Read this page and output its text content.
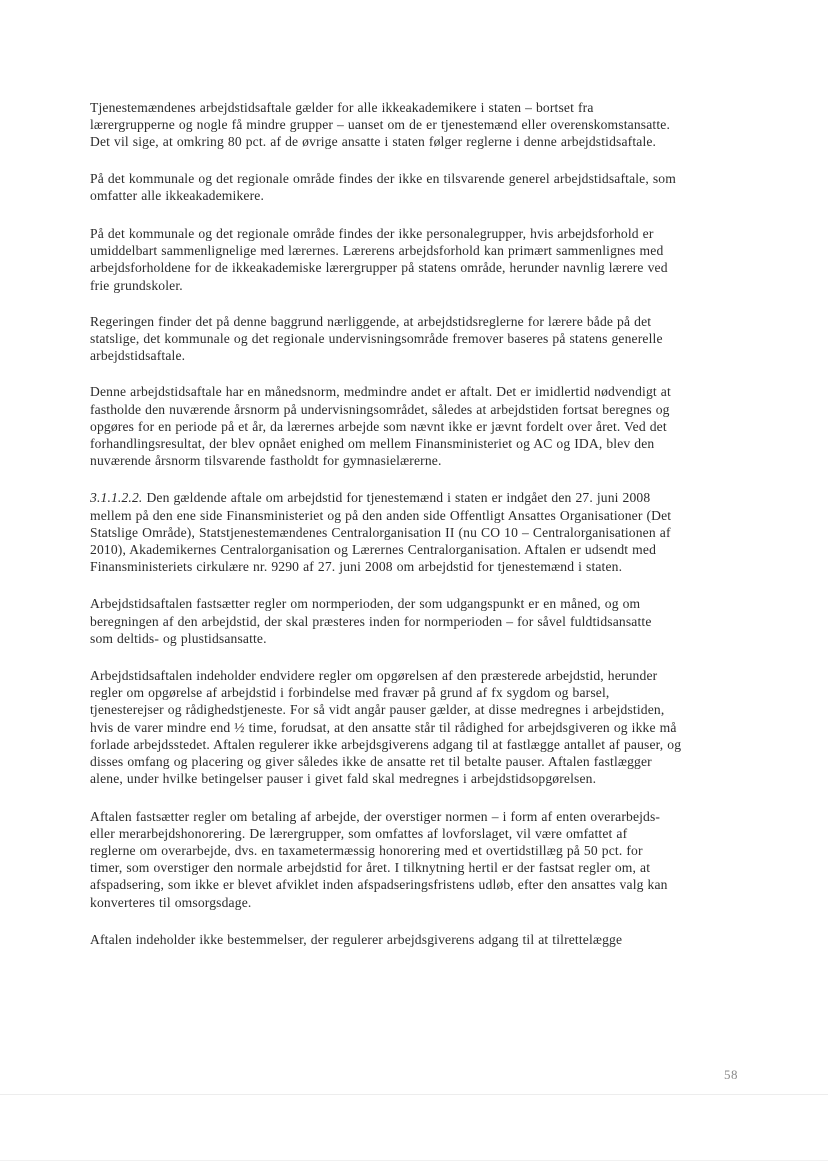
Tjenestemændenes arbejdstidsaftale gælder for alle ikkeakademikere i staten – bortset fra
lærergrupperne og nogle få mindre grupper – uanset om de er tjenestemænd eller overenskomstansatte.
Det vil sige, at omkring 80 pct. af de øvrige ansatte i staten følger reglerne i denne arbejdstidsaftale.

På det kommunale og det regionale område findes der ikke en tilsvarende generel arbejdstidsaftale, som
omfatter alle ikkeakademikere.

På det kommunale og det regionale område findes der ikke personalegrupper, hvis arbejdsforhold er
umiddelbart sammenlignelige med lærernes. Lærerens arbejdsforhold kan primært sammenlignes med
arbejdsforholdene for de ikkeakademiske lærergrupper på statens område, herunder navnlig lærere ved
frie grundskoler.

Regeringen finder det på denne baggrund nærliggende, at arbejdstidsreglerne for lærere både på det
statslige, det kommunale og det regionale undervisningsområde fremover baseres på statens generelle
arbejdstidsaftale.

Denne arbejdstidsaftale har en månedsnorm, medmindre andet er aftalt. Det er imidlertid nødvendigt at
fastholde den nuværende årsnorm på undervisningsområdet, således at arbejdstiden fortsat beregnes og
opgøres for en periode på et år, da lærernes arbejde som nævnt ikke er jævnt fordelt over året. Ved det
forhandlingsresultat, der blev opnået enighed om mellem Finansministeriet og AC og IDA, blev den
nuværende årsnorm tilsvarende fastholdt for gymnasielærerne.

3.1.1.2.2. Den gældende aftale om arbejdstid for tjenestemænd i staten er indgået den 27. juni 2008
mellem på den ene side Finansministeriet og på den anden side Offentligt Ansattes Organisationer (Det
Statslige Område), Statstjenestemændenes Centralorganisation II (nu CO 10 – Centralorganisationen af
2010), Akademikernes Centralorganisation og Lærernes Centralorganisation. Aftalen er udsendt med
Finansministeriets cirkulære nr. 9290 af 27. juni 2008 om arbejdstid for tjenestemænd i staten.

Arbejdstidsaftalen fastsætter regler om normperioden, der som udgangspunkt er en måned, og om
beregningen af den arbejdstid, der skal præsteres inden for normperioden – for såvel fuldtidsansatte
som deltids- og plustidsansatte.

Arbejdstidsaftalen indeholder endvidere regler om opgørelsen af den præsterede arbejdstid, herunder
regler om opgørelse af arbejdstid i forbindelse med fravær på grund af fx sygdom og barsel,
tjenesterejser og rådighedstjeneste. For så vidt angår pauser gælder, at disse medregnes i arbejdstiden,
hvis de varer mindre end ½ time, forudsat, at den ansatte står til rådighed for arbejdsgiveren og ikke må
forlade arbejdsstedet. Aftalen regulerer ikke arbejdsgiverens adgang til at fastlægge antallet af pauser, og
disses omfang og placering og giver således ikke de ansatte ret til betalte pauser. Aftalen fastlægger
alene, under hvilke betingelser pauser i givet fald skal medregnes i arbejdstidsopgørelsen.

Aftalen fastsætter regler om betaling af arbejde, der overstiger normen – i form af enten overarbejds-
eller merarbejdshonorering. De lærergrupper, som omfattes af lovforslaget, vil være omfattet af
reglerne om overarbejde, dvs. en taxametermæssig honorering med et overtidstillæg på 50 pct. for
timer, som overstiger den normale arbejdstid for året. I tilknytning hertil er der fastsat regler om, at
afspadsering, som ikke er blevet afviklet inden afspadseringsfristens udløb, efter den ansattes valg kan
konverteres til omsorgsdage.

Aftalen indeholder ikke bestemmelser, der regulerer arbejdsgiverens adgang til at tilrettelægge

58
